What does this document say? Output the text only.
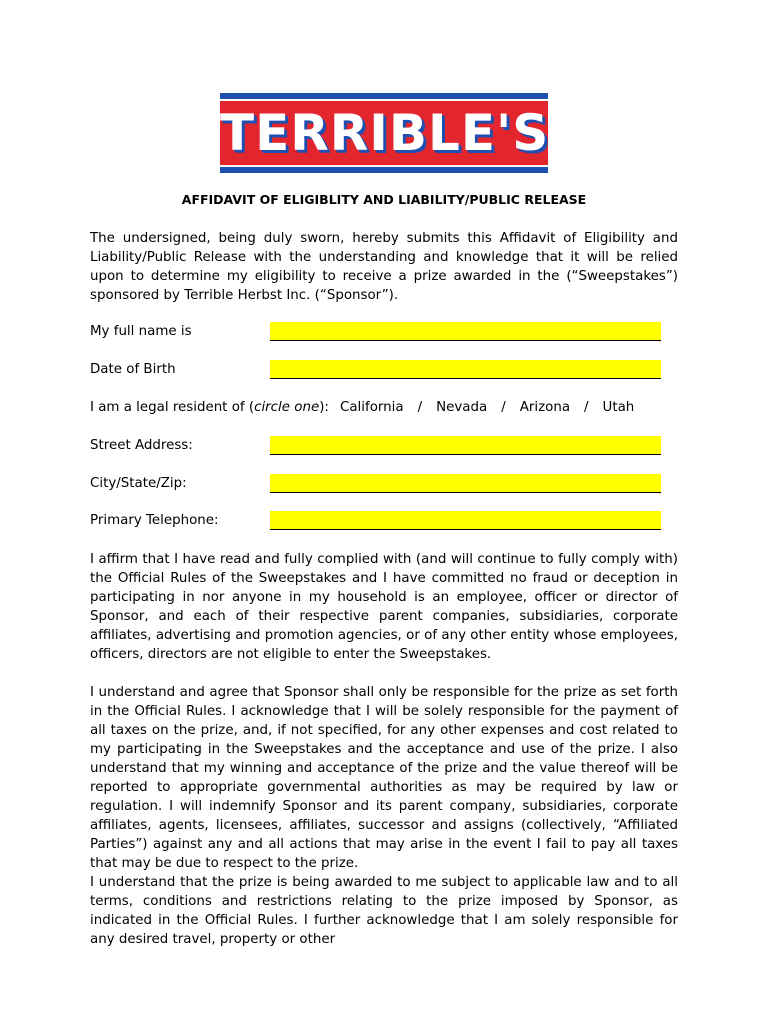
TERRIBLE'S
AFFIDAVIT OF ELIGIBLITY AND LIABILITY/PUBLIC RELEASE

The undersigned, being duly sworn, hereby submits this Affidavit of Eligibility and Liability/Public Release with the understanding and knowledge that it will be relied upon to determine my eligibility to receive a prize awarded in the (“Sweepstakes”) sponsored by Terrible Herbst Inc. (“Sponsor”).

My full name is
Date of Birth
I am a legal resident of (circle one): California / Nevada / Arizona / Utah
Street Address:
City/State/Zip:
Primary Telephone:

I affirm that I have read and fully complied with (and will continue to fully comply with) the Official Rules of the Sweepstakes and I have committed no fraud or deception in participating in nor anyone in my household is an employee, officer or director of Sponsor, and each of their respective parent companies, subsidiaries, corporate affiliates, advertising and promotion agencies, or of any other entity whose employees, officers, directors are not eligible to enter the Sweepstakes.

I understand and agree that Sponsor shall only be responsible for the prize as set forth in the Official Rules. I acknowledge that I will be solely responsible for the payment of all taxes on the prize, and, if not specified, for any other expenses and cost related to my participating in the Sweepstakes and the acceptance and use of the prize. I also understand that my winning and acceptance of the prize and the value thereof will be reported to appropriate governmental authorities as may be required by law or regulation. I will indemnify Sponsor and its parent company, subsidiaries, corporate affiliates, agents, licensees, affiliates, successor and assigns (collectively, “Affiliated Parties”) against any and all actions that may arise in the event I fail to pay all taxes that may be due to respect to the prize.

I understand that the prize is being awarded to me subject to applicable law and to all terms, conditions and restrictions relating to the prize imposed by Sponsor, as indicated in the Official Rules. I further acknowledge that I am solely responsible for any desired travel, property or other
